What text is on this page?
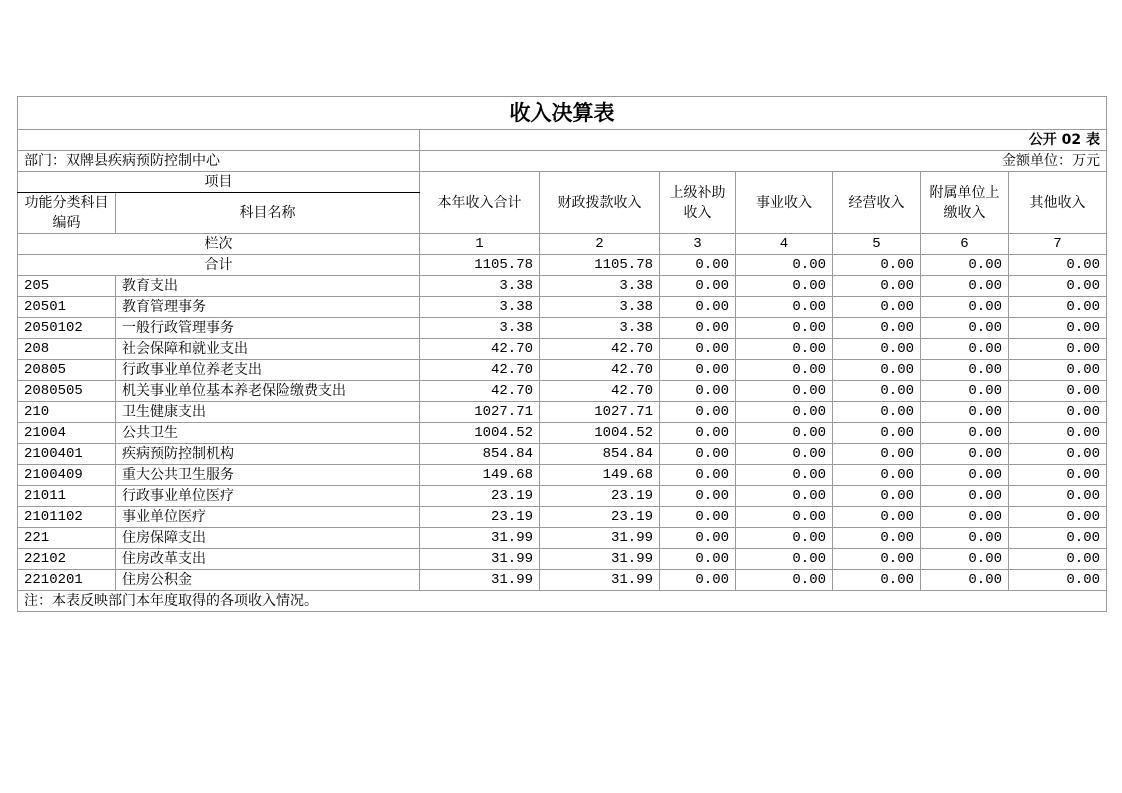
收入决算表								
		公开 02 表						
部门：双牌县疾病预防控制中心		金额单位：万元						
项目		本年收入合计	财政拨款收入	上级补助收入	事业收入	经营收入	附属单位上缴收入	其他收入
功能分类科目编码	科目名称							
栏次		1	2	3	4	5	6	7
合计		1105.78	1105.78	0.00	0.00	0.00	0.00	0.00
205	教育支出	3.38	3.38	0.00	0.00	0.00	0.00	0.00
20501	教育管理事务	3.38	3.38	0.00	0.00	0.00	0.00	0.00
2050102	一般行政管理事务	3.38	3.38	0.00	0.00	0.00	0.00	0.00
208	社会保障和就业支出	42.70	42.70	0.00	0.00	0.00	0.00	0.00
20805	行政事业单位养老支出	42.70	42.70	0.00	0.00	0.00	0.00	0.00
2080505	机关事业单位基本养老保险缴费支出	42.70	42.70	0.00	0.00	0.00	0.00	0.00
210	卫生健康支出	1027.71	1027.71	0.00	0.00	0.00	0.00	0.00
21004	公共卫生	1004.52	1004.52	0.00	0.00	0.00	0.00	0.00
2100401	疾病预防控制机构	854.84	854.84	0.00	0.00	0.00	0.00	0.00
2100409	重大公共卫生服务	149.68	149.68	0.00	0.00	0.00	0.00	0.00
21011	行政事业单位医疗	23.19	23.19	0.00	0.00	0.00	0.00	0.00
2101102	事业单位医疗	23.19	23.19	0.00	0.00	0.00	0.00	0.00
221	住房保障支出	31.99	31.99	0.00	0.00	0.00	0.00	0.00
22102	住房改革支出	31.99	31.99	0.00	0.00	0.00	0.00	0.00
2210201	住房公积金	31.99	31.99	0.00	0.00	0.00	0.00	0.00
注：本表反映部门本年度取得的各项收入情况。								
